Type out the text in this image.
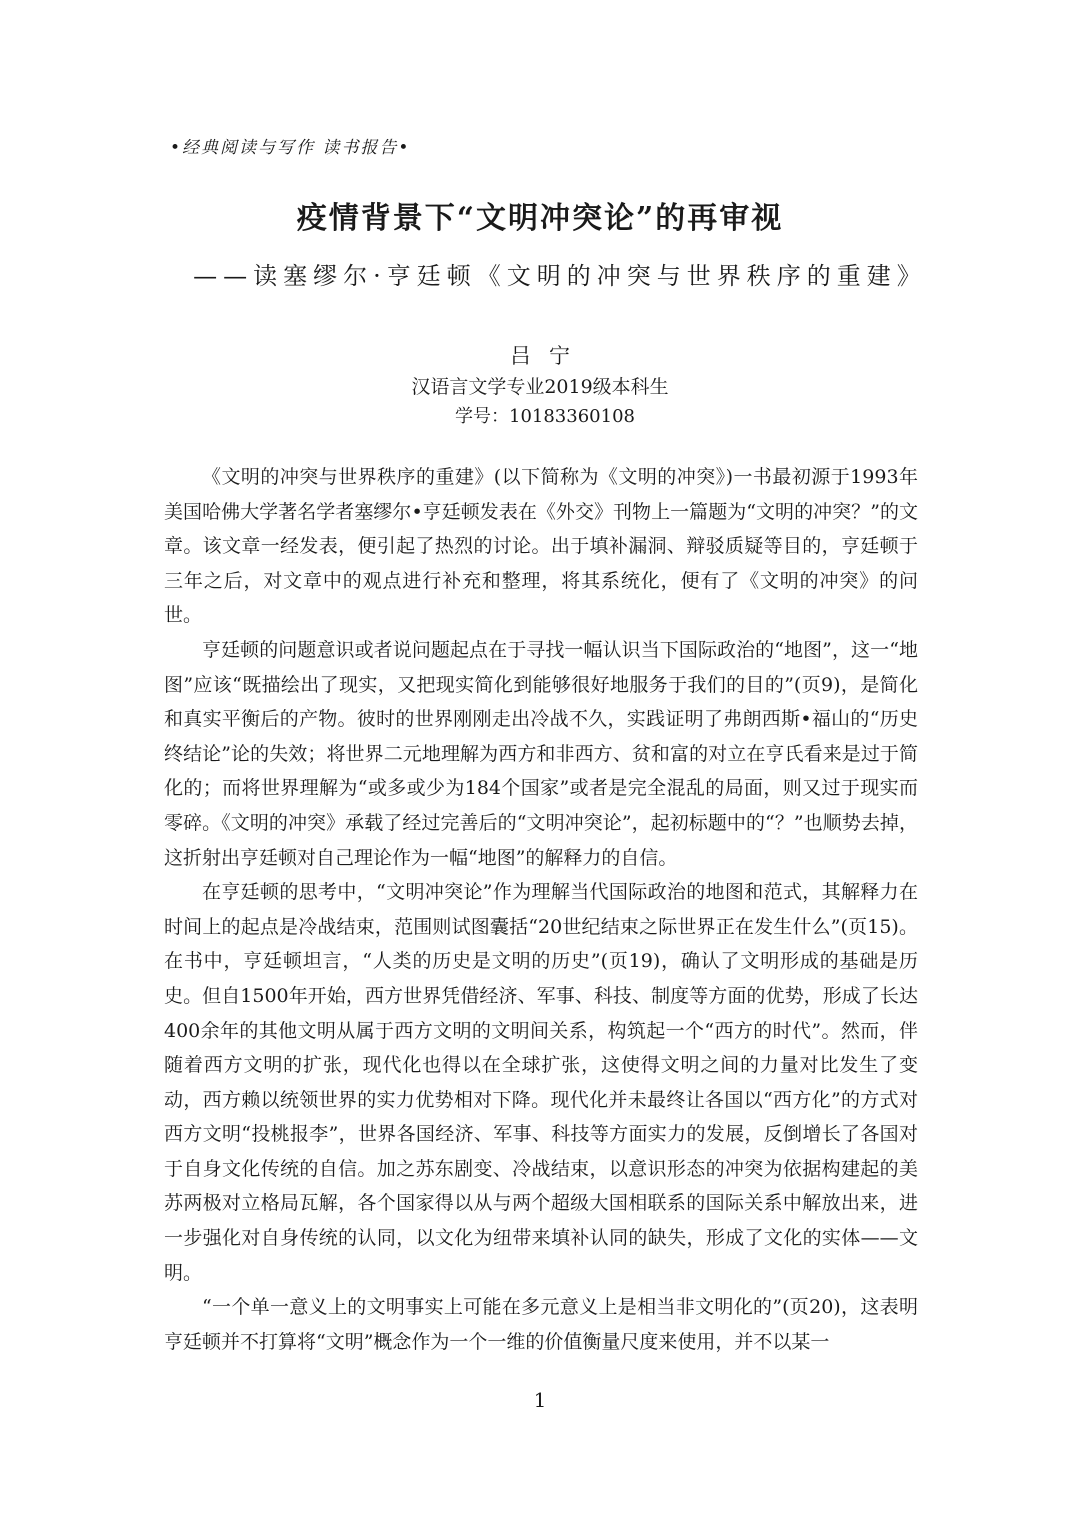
•经典阅读与写作 读书报告•
疫情背景下“文明冲突论”的再审视
——读塞缪尔·亨廷顿《文明的冲突与世界秩序的重建》
吕宁
汉语言文学专业2019级本科生
学号：10183360108

《文明的冲突与世界秩序的重建》(以下简称为《文明的冲突》)一书最初源于1993年美国哈佛大学著名学者塞缪尔•亨廷顿发表在《外交》刊物上一篇题为“文明的冲突？”的文章。该文章一经发表，便引起了热烈的讨论。出于填补漏洞、辩驳质疑等目的，亨廷顿于三年之后，对文章中的观点进行补充和整理，将其系统化，便有了《文明的冲突》的问世。

亨廷顿的问题意识或者说问题起点在于寻找一幅认识当下国际政治的“地图”，这一“地图”应该“既描绘出了现实，又把现实简化到能够很好地服务于我们的目的”(页9)，是简化和真实平衡后的产物。彼时的世界刚刚走出冷战不久，实践证明了弗朗西斯•福山的“历史终结论”论的失效；将世界二元地理解为西方和非西方、贫和富的对立在亨氏看来是过于简化的；而将世界理解为“或多或少为184个国家”或者是完全混乱的局面，则又过于现实而零碎。《文明的冲突》承载了经过完善后的“文明冲突论”，起初标题中的“？”也顺势去掉，这折射出亨廷顿对自己理论作为一幅“地图”的解释力的自信。

在亨廷顿的思考中，“文明冲突论”作为理解当代国际政治的地图和范式，其解释力在时间上的起点是冷战结束，范围则试图囊括“20世纪结束之际世界正在发生什么”(页15)。在书中，亨廷顿坦言，“人类的历史是文明的历史”(页19)，确认了文明形成的基础是历史。但自1500年开始，西方世界凭借经济、军事、科技、制度等方面的优势，形成了长达400余年的其他文明从属于西方文明的文明间关系，构筑起一个“西方的时代”。然而，伴随着西方文明的扩张，现代化也得以在全球扩张，这使得文明之间的力量对比发生了变动，西方赖以统领世界的实力优势相对下降。现代化并未最终让各国以“西方化”的方式对西方文明“投桃报李”，世界各国经济、军事、科技等方面实力的发展，反倒增长了各国对于自身文化传统的自信。加之苏东剧变、冷战结束，以意识形态的冲突为依据构建起的美苏两极对立格局瓦解，各个国家得以从与两个超级大国相联系的国际关系中解放出来，进一步强化对自身传统的认同，以文化为纽带来填补认同的缺失，形成了文化的实体——文明。

“一个单一意义上的文明事实上可能在多元意义上是相当非文明化的”(页20)，这表明亨廷顿并不打算将“文明”概念作为一个一维的价值衡量尺度来使用，并不以某一

1
